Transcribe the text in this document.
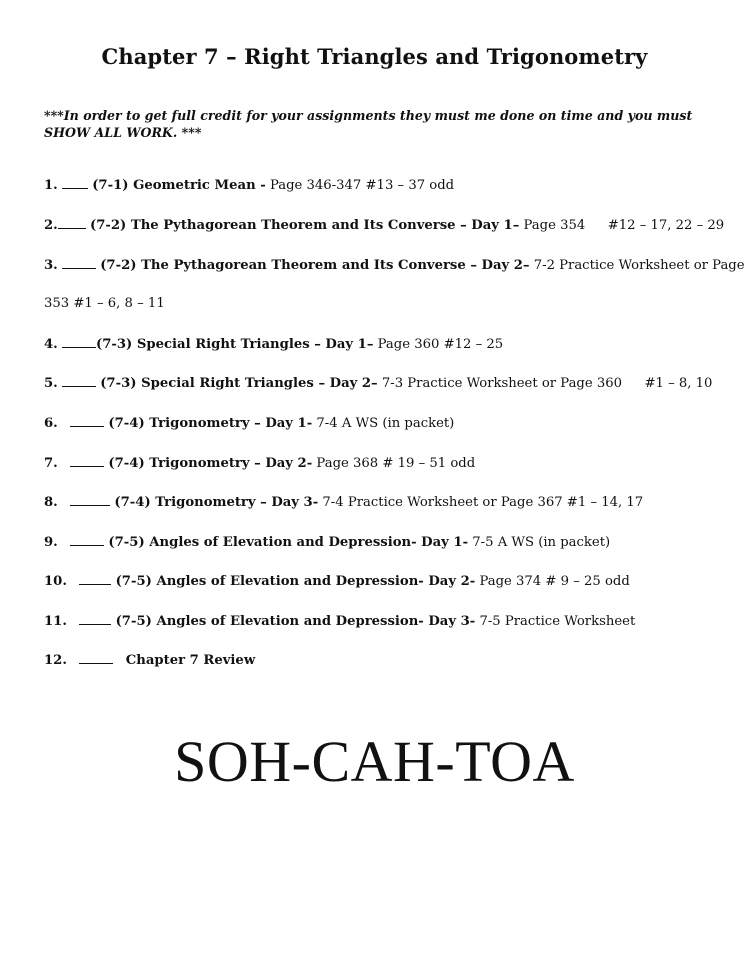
Chapter 7 – Right Triangles and Trigonometry
***In order to get full credit for your assignments they must me done on time and you must SHOW ALL WORK. ***
1.	(7-1) Geometric Mean - Page 346-347 #13 – 37 odd
2. (7-2) The Pythagorean Theorem and Its Converse – Day 1– Page 354 #12 – 17, 22 – 29
3.	(7-2) The Pythagorean Theorem and Its Converse – Day 2– 7-2 Practice Worksheet or Page
353 #1 – 6, 8 – 11
4.	(7-3) Special Right Triangles – Day 1– Page 360 #12 – 25
5.	(7-3) Special Right Triangles – Day 2– 7-3 Practice Worksheet or Page 360 #1 – 8, 10
6.	(7-4) Trigonometry – Day 1- 7-4 A WS (in packet)
7.	(7-4) Trigonometry – Day 2- Page 368 # 19 – 51 odd
8.	(7-4) Trigonometry – Day 3- 7-4 Practice Worksheet or Page 367 #1 – 14, 17
9.	(7-5) Angles of Elevation and Depression- Day 1- 7-5 A WS (in packet)
10.	(7-5) Angles of Elevation and Depression- Day 2- Page 374 # 9 – 25 odd
11.	(7-5) Angles of Elevation and Depression- Day 3- 7-5 Practice Worksheet
12.	Chapter 7 Review
SOH-CAH-TOA
